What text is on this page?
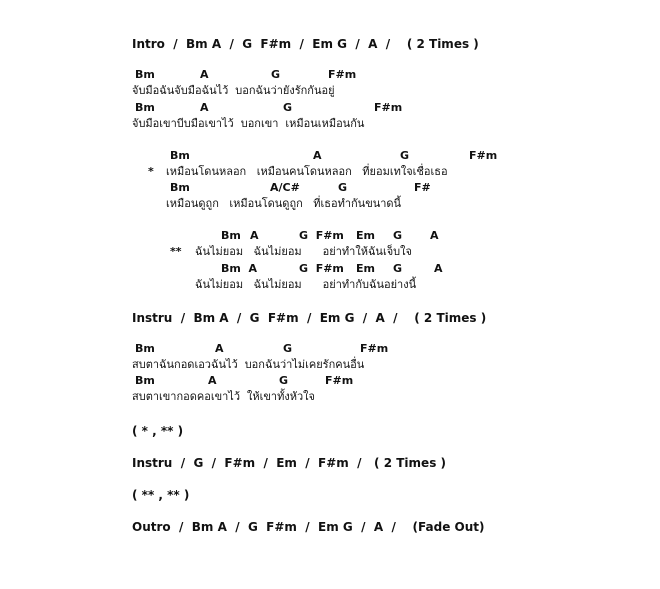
Intro  /  Bm A  /  G  F#m  /  Em G  /  A  /    ( 2 Times )
Bm	A	G	F#m
จับมือฉันจับมือฉันไว้  บอกฉันว่ายังรักกันอยู่
Bm	A	G	F#m
จับมือเขาบีบมือเขาไว้  บอกเขา  เหมือนเหมือนกัน
Bm	A	G	F#m
* เหมือนโดนหลอก   เหมือนคนโดนหลอก   ที่ยอมเทใจเชื่อเธอ
Bm	A/C#	G	F#
เหมือนดูถูก   เหมือนโดนดูถูก   ที่เธอทำกันขนาดนี้
Bm A	G  F#m Em G	A
** ฉันไม่ยอม   ฉันไม่ยอม      อย่าทำให้ฉันเจ็บใจ
Bm  A	G  F#m Em G	A
ฉันไม่ยอม   ฉันไม่ยอม      อย่าทำกับฉันอย่างนี้
Instru  /  Bm A  /  G  F#m  /  Em G  /  A  /    ( 2 Times )
Bm	A	G	F#m
สบตาฉันกอดเอวฉันไว้  บอกฉันว่าไม่เคยรักคนอื่น
Bm	A	G	F#m
สบตาเขากอดคอเขาไว้  ให้เขาทั้งหัวใจ
( * , ** )
Instru  /  G  /  F#m  /  Em  /  F#m  /   ( 2 Times )
( ** , ** )
Outro  /  Bm A  /  G  F#m  /  Em G  /  A  /    (Fade Out)
